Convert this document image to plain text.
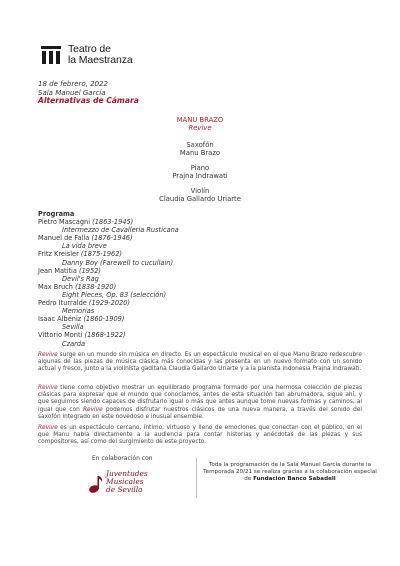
Teatro de
la Maestranza
18 de febrero, 2022
Sala Manuel García
Alternativas de Cámara
MANU BRAZO
Revive
Saxofón
Manu Brazo
Piano
Prajna Indrawati
Violín
Claudia Gallardo Uriarte
Programa
Pietro Mascagni (1863-1945)
Intermezzo de Cavalleria Rusticana
Manuel de Falla (1876-1946)
La vida breve
Fritz Kreisler (1875-1962)
Danny Boy (Farewell to cucullain)
Jean Matitia (1952)
Devil's Rag
Max Bruch (1838-1920)
Eight Pieces, Op. 83 (selección)
Pedro Iturralde (1929-2020)
Memorias
Isaac Albéniz (1860-1909)
Sevilla
Vittorio Monti (1868-1922)
Czarda
Revive surge en un mundo sin música en directo. Es un espectáculo musical en el que Manu Brazo redescubre algunas de las piezas de música clásica más conocidas y las presenta en un nuevo formato con un sonido actual y fresco, junto a la violinista gaditana Claudia Gallardo Uriarte y a la pianista indonesia Prajna Indrawati.
Revive tiene como objetivo mostrar un equilibrado programa formado por una hermosa colección de piezas clásicas para expresar que el mundo que conocíamos, antes de esta situación tan abrumadora, sigue ahí, y que seguimos siendo capaces de disfrutarlo igual o más que antes aunque tome nuevas formas y caminos, al igual que con Revive podemos disfrutar nuestros clásicos de una nueva manera, a través del sonido del saxofón integrado en este novedoso e inusual ensemble.
Revive es un espectáculo cercano, íntimo, virtuoso y lleno de emociones que conectan con el público, en el que Manu habla directamente a la audiencia para contar historias y anécdotas de las piezas y sus compositores, así como del surgimiento de este proyecto.
En colaboración con
Juventudes
Musicales
de Sevilla
Toda la programación de la Sala Manuel García durante la Temporada 20/21 se realiza gracias a la colaboración especial de Fundación Banco Sabadell
